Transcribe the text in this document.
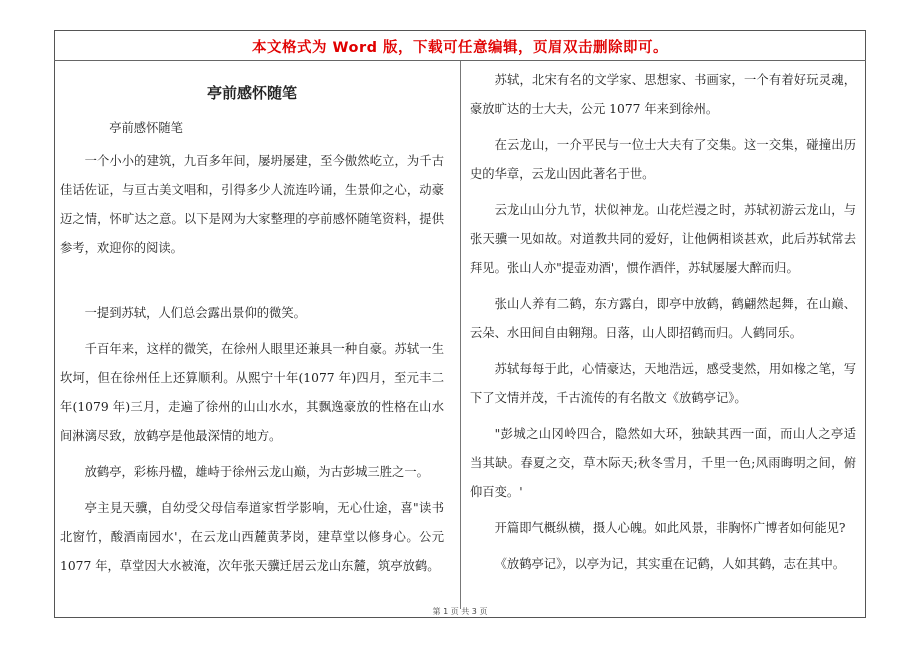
本文格式为 Word 版，下载可任意编辑，页眉双击删除即可。
亭前感怀随笔

亭前感怀随笔

一个小小的建筑，九百多年间，屡坍屡建，至今傲然屹立，为千古佳话佐证，与亘古美文唱和，引得多少人流连吟诵，生景仰之心，动豪迈之情，怀旷达之意。以下是网为大家整理的亭前感怀随笔资料，提供参考，欢迎你的阅读。

一提到苏轼，人们总会露出景仰的微笑。

千百年来，这样的微笑，在徐州人眼里还兼具一种自豪。苏轼一生坎坷，但在徐州任上还算顺利。从熙宁十年(1077 年)四月，至元丰二年(1079 年)三月，走遍了徐州的山山水水，其飘逸豪放的性格在山水间淋漓尽致，放鹤亭是他最深情的地方。

放鹤亭，彩栋丹楹，雄峙于徐州云龙山巅，为古彭城三胜之一。

亭主見天骥，自幼受父母信奉道家哲学影响，无心仕途，喜"读书北窗竹，酸酒南园水'，在云龙山西麓黄茅岗，建草堂以修身心。公元 1077 年，草堂因大水被淹，次年张天骥迁居云龙山东麓，筑亭放鹤。

苏轼，北宋有名的文学家、思想家、书画家，一个有着好玩灵魂，豪放旷达的士大夫，公元 1077 年来到徐州。

在云龙山，一介平民与一位士大夫有了交集。这一交集，碰撞出历史的华章，云龙山因此著名于世。

云龙山山分九节，状似神龙。山花烂漫之时，苏轼初游云龙山，与张天骥一见如故。对道教共同的爱好，让他俩相谈甚欢，此后苏轼常去拜见。张山人亦"提壶劝酒'，惯作酒伴，苏轼屡屡大醉而归。

张山人养有二鹤，东方露白，即亭中放鹤，鹤翩然起舞，在山巅、云朵、水田间自由翱翔。日落，山人即招鹤而归。人鹤同乐。

苏轼每每于此，心情豪达，天地浩远，感受斐然，用如椽之笔，写下了文情并茂，千古流传的有名散文《放鹤亭记》。

"彭城之山冈岭四合，隐然如大环，独缺其西一面，而山人之亭适当其缺。春夏之交，草木际天;秋冬雪月，千里一色;风雨晦明之间，俯仰百变。'

开篇即气概纵横，摄人心魄。如此风景，非胸怀广博者如何能见?

《放鹤亭记》，以亭为记，其实重在记鹤，人如其鹤，志在其中。

第 1 页 共 3 页
